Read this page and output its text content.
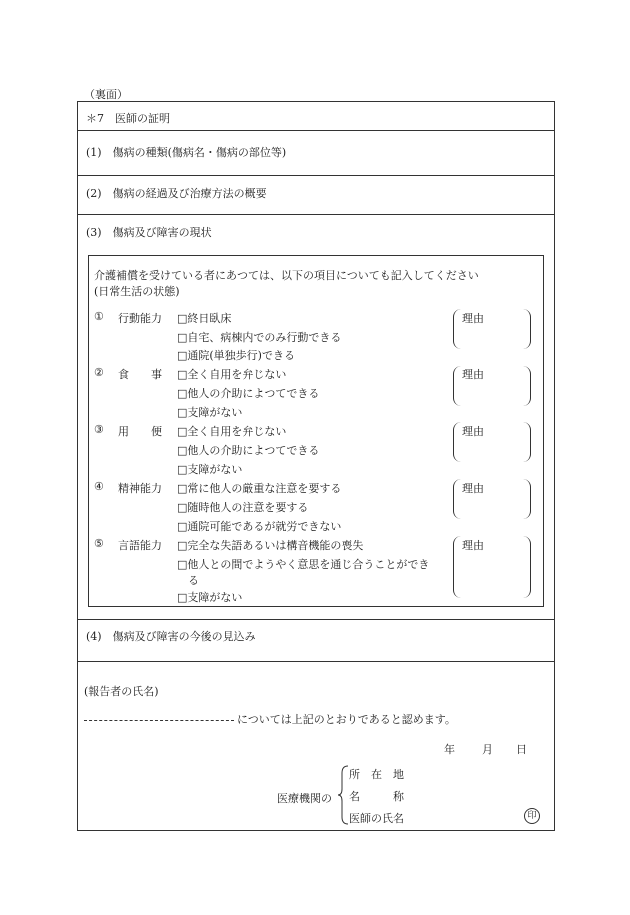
（裏面）
＊7　医師の証明
(1)　傷病の種類(傷病名・傷病の部位等)
(2)　傷病の経過及び治療方法の概要
(3)　傷病及び障害の現状
(4)　傷病及び障害の今後の見込み
介護補償を受けている者にあつては、以下の項目についても記入してください
(日常生活の状態)
① 行動能力 □終日臥床
□自宅、病棟内でのみ行動できる
□通院(単独歩行)できる
② 食　　事 □全く自用を弁じない
□他人の介助によつてできる
□支障がない
③ 用　　便 □全く自用を弁じない
□他人の介助によつてできる
□支障がない
④ 精神能力 □常に他人の厳重な注意を要する
□随時他人の注意を要する
□通院可能であるが就労できない
⑤ 言語能力 □完全な失語あるいは構音機能の喪失
□他人との間でようやく意思を通じ合うことができ
る
□支障がない
理由
理由
理由
理由
理由
(報告者の氏名)
については上記のとおりであると認めます。
年 月 日
医療機関の
所　在　地
名　　　称
医師の氏名	印
